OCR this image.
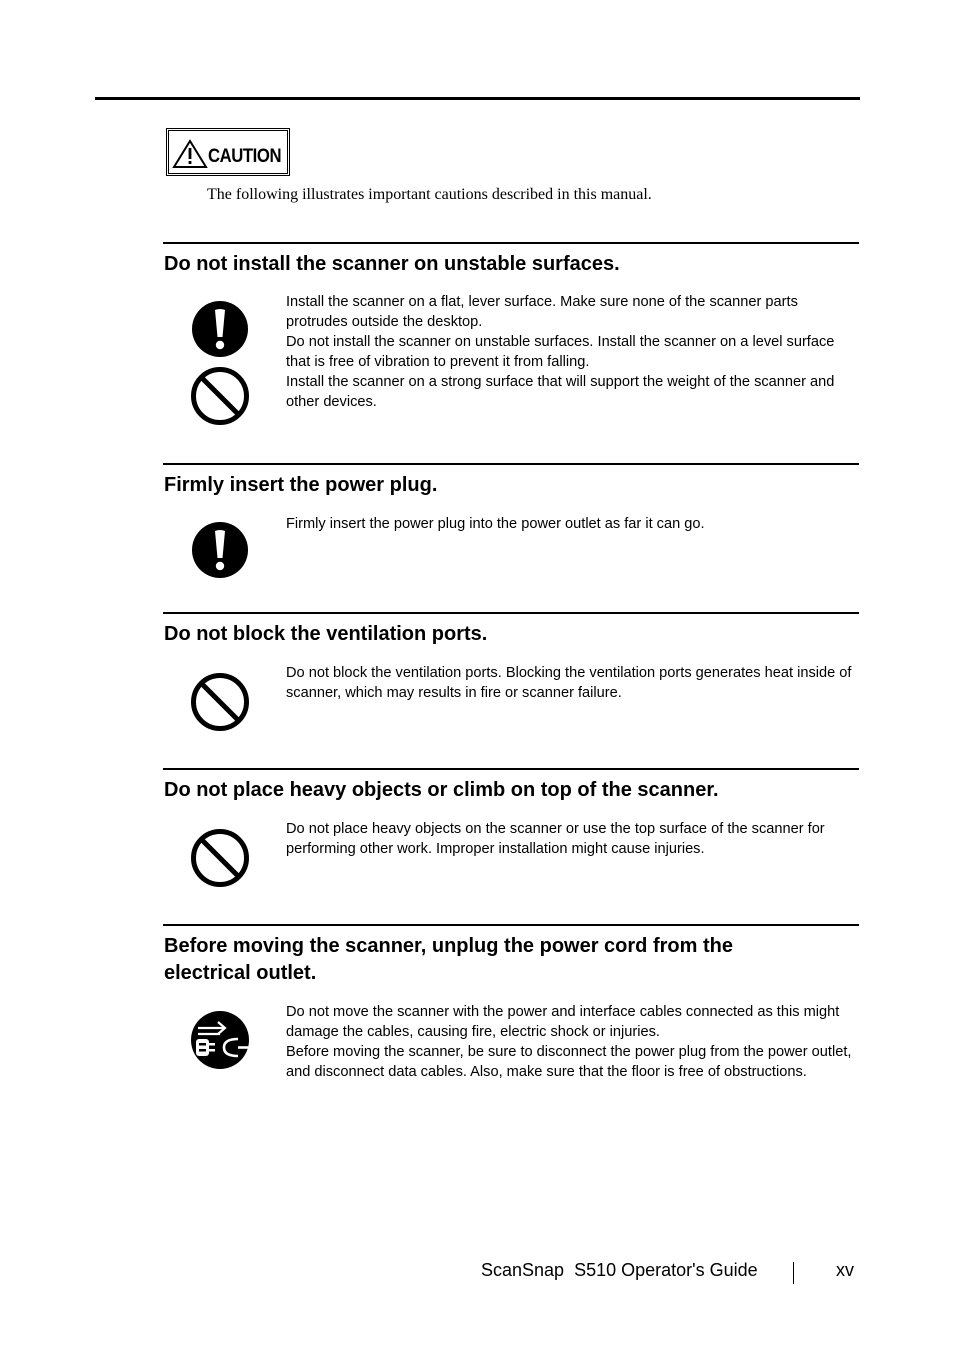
CAUTION
The following illustrates important cautions described in this manual.
Do not install the scanner on unstable surfaces.

Install the scanner on a flat, lever surface. Make sure none of the scanner parts protrudes outside the desktop.

Do not install the scanner on unstable surfaces. Install the scanner on a level surface that is free of vibration to prevent it from falling.

Install the scanner on a strong surface that will support the weight of the scanner and other devices.

Firmly insert the power plug.

Firmly insert the power plug into the power outlet as far it can go.

Do not block the ventilation ports.

Do not block the ventilation ports. Blocking the ventilation ports generates heat inside of scanner, which may results in fire or scanner failure.

Do not place heavy objects or climb on top of the scanner.

Do not place heavy objects on the scanner or use the top surface of the scanner for performing other work. Improper installation might cause injuries.

Before moving the scanner, unplug the power cord from the
electrical outlet.

Do not move the scanner with the power and interface cables connected as this might damage the cables, causing fire, electric shock or injuries.

Before moving the scanner, be sure to disconnect the power plug from the power outlet, and disconnect data cables. Also, make sure that the floor is free of obstructions.

ScanSnap  S510 Operator's Guide	xv
